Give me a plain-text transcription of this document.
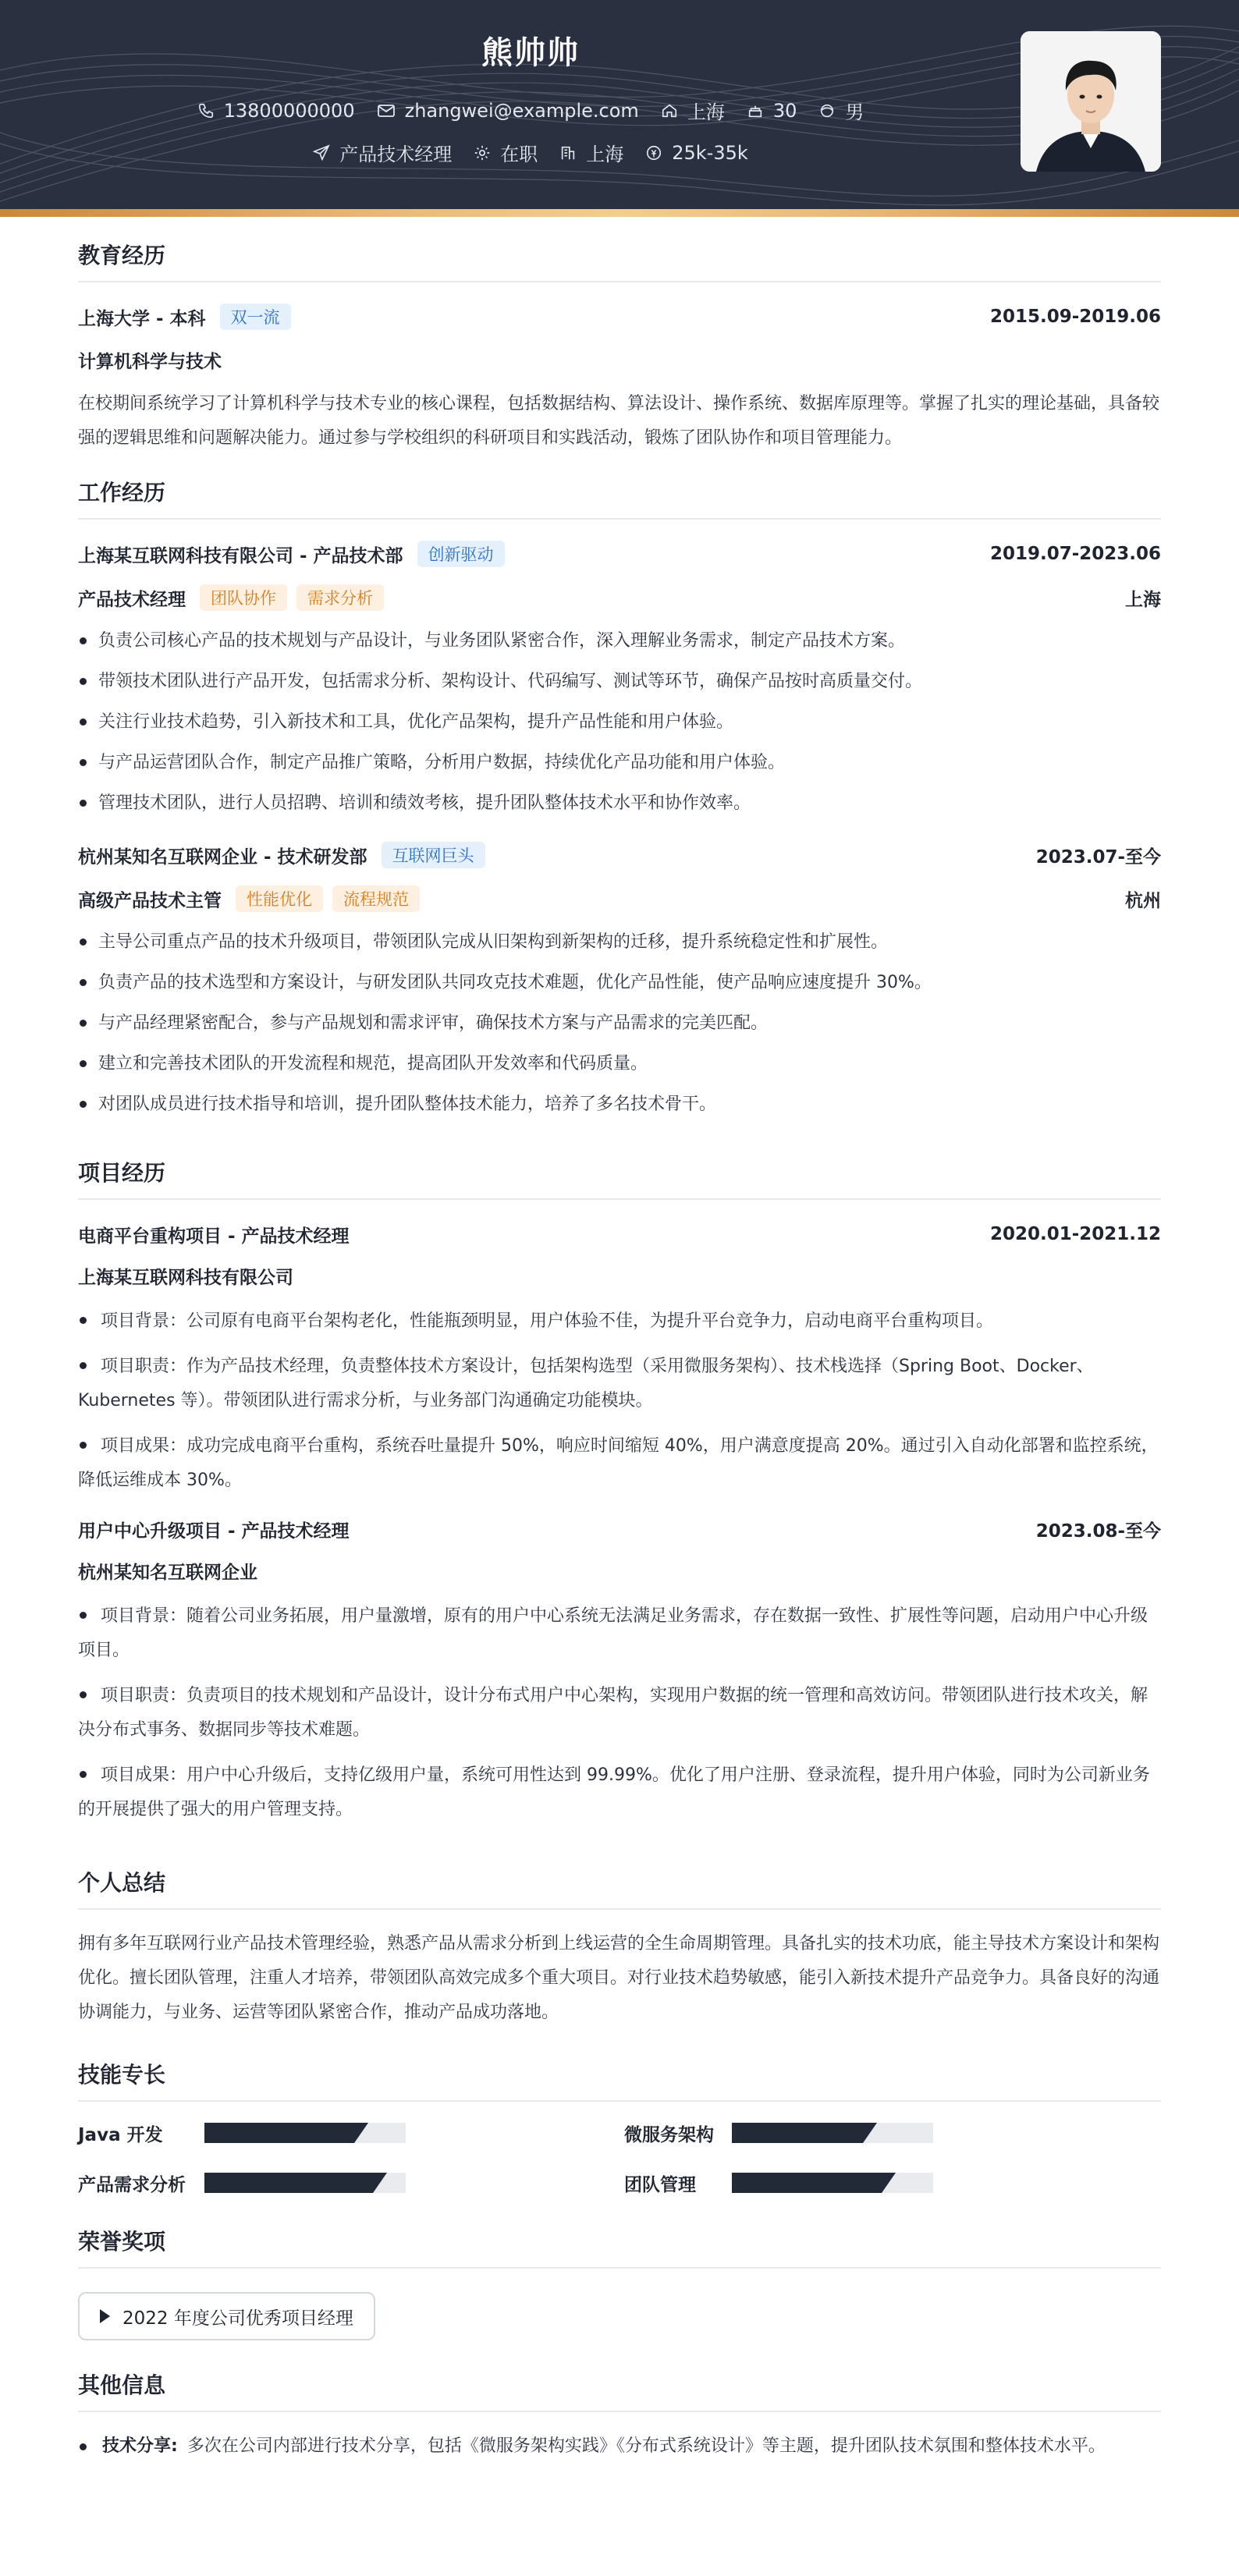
熊帅帅
13800000000	zhangwei@example.com	上海	30	男
产品技术经理	在职	上海	25k-35k
教育经历
上海大学 - 本科	双一流	2015.09-2019.06
计算机科学与技术
在校期间系统学习了计算机科学与技术专业的核心课程，包括数据结构、算法设计、操作系统、数据库原理等。掌握了扎实的理论基础，具备较强的逻辑思维和问题解决能力。通过参与学校组织的科研项目和实践活动，锻炼了团队协作和项目管理能力。
工作经历
上海某互联网科技有限公司 - 产品技术部	创新驱动	2019.07-2023.06
产品技术经理	团队协作	需求分析	上海
负责公司核心产品的技术规划与产品设计，与业务团队紧密合作，深入理解业务需求，制定产品技术方案。
带领技术团队进行产品开发，包括需求分析、架构设计、代码编写、测试等环节，确保产品按时高质量交付。
关注行业技术趋势，引入新技术和工具，优化产品架构，提升产品性能和用户体验。
与产品运营团队合作，制定产品推广策略，分析用户数据，持续优化产品功能和用户体验。
管理技术团队，进行人员招聘、培训和绩效考核，提升团队整体技术水平和协作效率。
杭州某知名互联网企业 - 技术研发部	互联网巨头	2023.07-至今
高级产品技术主管	性能优化	流程规范	杭州
主导公司重点产品的技术升级项目，带领团队完成从旧架构到新架构的迁移，提升系统稳定性和扩展性。
负责产品的技术选型和方案设计，与研发团队共同攻克技术难题，优化产品性能，使产品响应速度提升 30%。
与产品经理紧密配合，参与产品规划和需求评审，确保技术方案与产品需求的完美匹配。
建立和完善技术团队的开发流程和规范，提高团队开发效率和代码质量。
对团队成员进行技术指导和培训，提升团队整体技术能力，培养了多名技术骨干。
项目经历
电商平台重构项目 - 产品技术经理	2020.01-2021.12
上海某互联网科技有限公司
项目背景：公司原有电商平台架构老化，性能瓶颈明显，用户体验不佳，为提升平台竞争力，启动电商平台重构项目。
项目职责：作为产品技术经理，负责整体技术方案设计，包括架构选型（采用微服务架构）、技术栈选择（Spring Boot、Docker、Kubernetes 等）。带领团队进行需求分析，与业务部门沟通确定功能模块。
项目成果：成功完成电商平台重构，系统吞吐量提升 50%，响应时间缩短 40%，用户满意度提高 20%。通过引入自动化部署和监控系统，降低运维成本 30%。
用户中心升级项目 - 产品技术经理	2023.08-至今
杭州某知名互联网企业
项目背景：随着公司业务拓展，用户量激增，原有的用户中心系统无法满足业务需求，存在数据一致性、扩展性等问题，启动用户中心升级项目。
项目职责：负责项目的技术规划和产品设计，设计分布式用户中心架构，实现用户数据的统一管理和高效访问。带领团队进行技术攻关，解决分布式事务、数据同步等技术难题。
项目成果：用户中心升级后，支持亿级用户量，系统可用性达到 99.99%。优化了用户注册、登录流程，提升用户体验，同时为公司新业务的开展提供了强大的用户管理支持。
个人总结
拥有多年互联网行业产品技术管理经验，熟悉产品从需求分析到上线运营的全生命周期管理。具备扎实的技术功底，能主导技术方案设计和架构优化。擅长团队管理，注重人才培养，带领团队高效完成多个重大项目。对行业技术趋势敏感，能引入新技术提升产品竞争力。具备良好的沟通协调能力，与业务、运营等团队紧密合作，推动产品成功落地。
技能专长
Java 开发	微服务架构
产品需求分析	团队管理
荣誉奖项
2022 年度公司优秀项目经理
其他信息
技术分享: 多次在公司内部进行技术分享，包括《微服务架构实践》《分布式系统设计》等主题，提升团队技术氛围和整体技术水平。
